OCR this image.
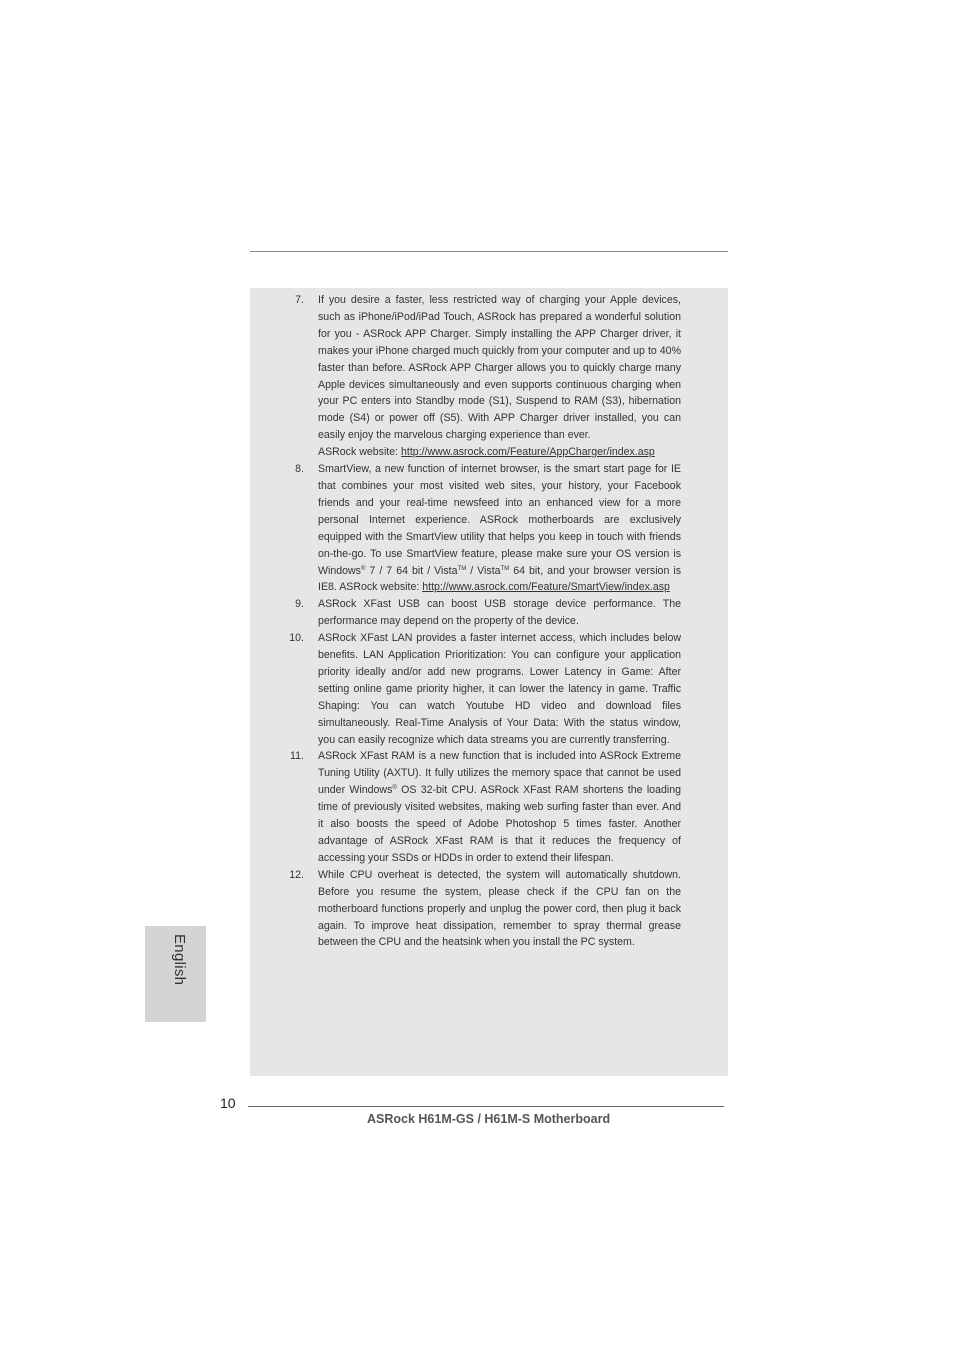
7. If you desire a faster, less restricted way of charging your Apple devices, such as iPhone/iPod/iPad Touch, ASRock has prepared a wonderful solution for you - ASRock APP Charger. Simply installing the APP Charger driver, it makes your iPhone charged much quickly from your computer and up to 40% faster than before. ASRock APP Charger allows you to quickly charge many Apple devices simultaneously and even supports continuous charging when your PC enters into Standby mode (S1), Suspend to RAM (S3), hibernation mode (S4) or power off (S5). With APP Charger driver installed, you can easily enjoy the marvelous charging experience than ever.
ASRock website: http://www.asrock.com/Feature/AppCharger/index.asp
8. SmartView, a new function of internet browser, is the smart start page for IE that combines your most visited web sites, your history, your Facebook friends and your real-time newsfeed into an enhanced view for a more personal Internet experience. ASRock motherboards are exclusively equipped with the SmartView utility that helps you keep in touch with friends on-the-go. To use SmartView feature, please make sure your OS version is Windows® 7 / 7 64 bit / Vista™ / Vista™ 64 bit, and your browser version is IE8. ASRock website: http://www.asrock.com/Feature/SmartView/index.asp
9. ASRock XFast USB can boost USB storage device performance. The performance may depend on the property of the device.
10. ASRock XFast LAN provides a faster internet access, which includes below benefits. LAN Application Prioritization: You can configure your application priority ideally and/or add new programs. Lower Latency in Game: After setting online game priority higher, it can lower the latency in game. Traffic Shaping: You can watch Youtube HD video and download files simultaneously. Real-Time Analysis of Your Data: With the status window, you can easily recognize which data streams you are currently transferring.
11. ASRock XFast RAM is a new function that is included into ASRock Extreme Tuning Utility (AXTU). It fully utilizes the memory space that cannot be used under Windows® OS 32-bit CPU. ASRock XFast RAM shortens the loading time of previously visited websites, making web surfing faster than ever. And it also boosts the speed of Adobe Photoshop 5 times faster. Another advantage of ASRock XFast RAM is that it reduces the frequency of accessing your SSDs or HDDs in order to extend their lifespan.
12. While CPU overheat is detected, the system will automatically shutdown. Before you resume the system, please check if the CPU fan on the motherboard functions properly and unplug the power cord, then plug it back again. To improve heat dissipation, remember to spray thermal grease between the CPU and the heatsink when you install the PC system.
English
10
ASRock H61M-GS / H61M-S Motherboard
